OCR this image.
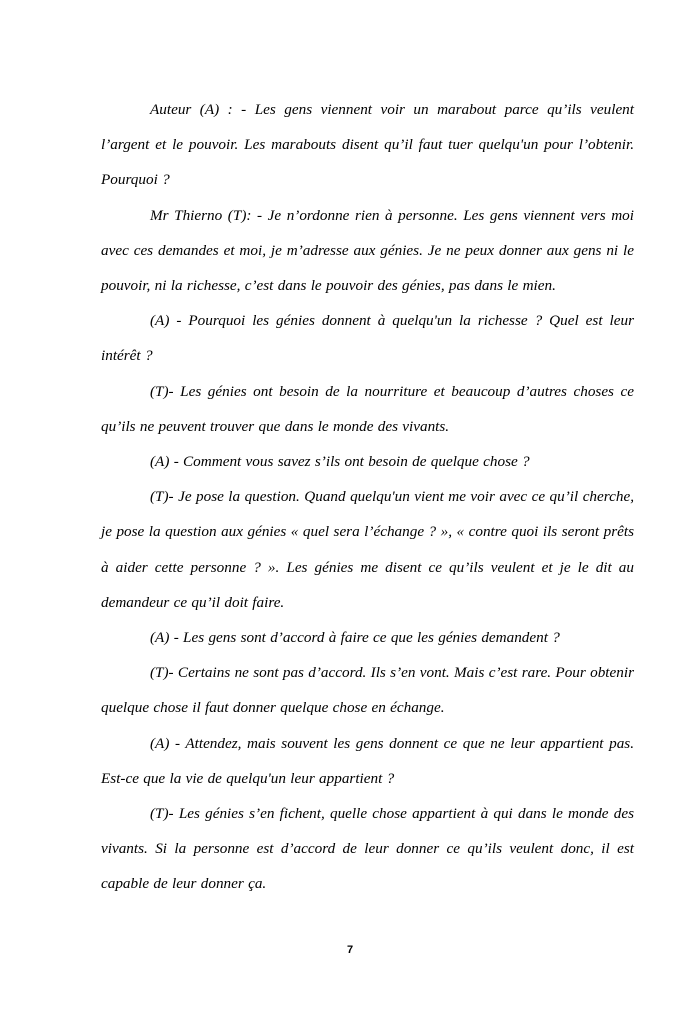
Auteur (A) : - Les gens viennent voir un marabout parce qu’ils veulent l’argent et le pouvoir. Les marabouts disent qu’il faut tuer quelqu'un pour l’obtenir. Pourquoi ?

Mr Thierno (T): - Je n’ordonne rien à personne. Les gens viennent vers moi avec ces demandes et moi, je m’adresse aux génies. Je ne peux donner aux gens ni le pouvoir, ni la richesse, c’est dans le pouvoir des génies, pas dans le mien.

(A) - Pourquoi les génies donnent à quelqu'un la richesse ? Quel est leur intérêt ?

(T)- Les génies ont besoin de la nourriture et beaucoup d’autres choses ce qu’ils ne peuvent trouver que dans le monde des vivants.

(A) - Comment vous savez s’ils ont besoin de quelque chose ?

(T)- Je pose la question. Quand quelqu'un vient me voir avec ce qu’il cherche, je pose la question aux génies « quel sera l’échange ? », « contre quoi ils seront prêts à aider cette personne ? ». Les génies me disent ce qu’ils veulent et je le dit au demandeur ce qu’il doit faire.

(A) - Les gens sont d’accord à faire ce que les génies demandent ?

(T)- Certains ne sont pas d’accord. Ils s’en vont. Mais c’est rare. Pour obtenir quelque chose il faut donner quelque chose en échange.

(A) - Attendez, mais souvent les gens donnent ce que ne leur appartient pas. Est-ce que la vie de quelqu'un leur appartient ?

(T)- Les génies s’en fichent, quelle chose appartient à qui dans le monde des vivants. Si la personne est d’accord de leur donner ce qu’ils veulent donc, il est capable de leur donner ça.

7
